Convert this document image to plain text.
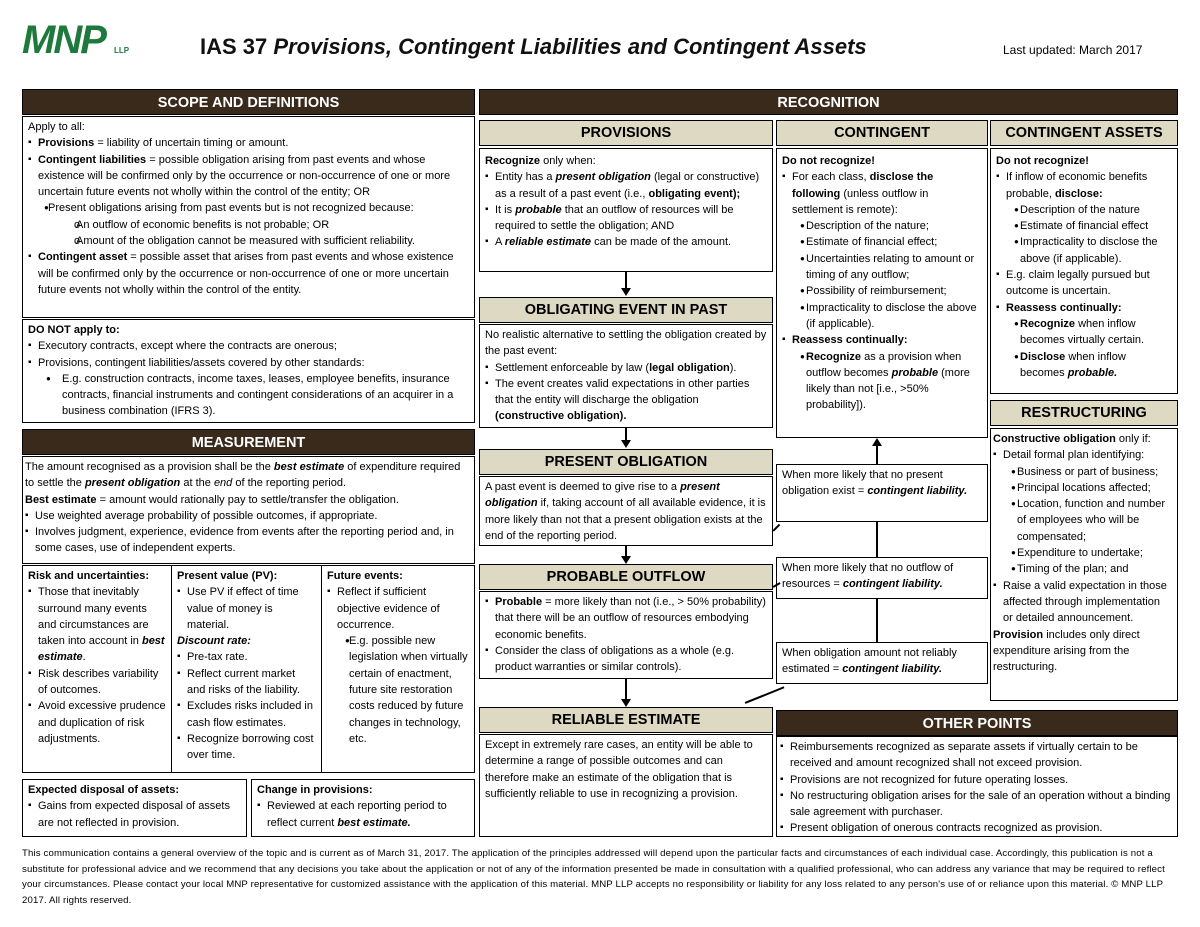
MNP LLP	IAS 37 Provisions, Contingent Liabilities and Contingent Assets	Last updated: March 2017
SCOPE AND DEFINITIONS
Apply to all:
▪ Provisions = liability of uncertain timing or amount.
▪ Contingent liabilities = possible obligation arising from past events and whose existence will be confirmed only by the occurrence or non-occurrence of one or more uncertain future events not wholly within the control of the entity; OR
● Present obligations arising from past events but is not recognized because:
o An outflow of economic benefits is not probable; OR
o Amount of the obligation cannot be measured with sufficient reliability.
▪ Contingent asset = possible asset that arises from past events and whose existence will be confirmed only by the occurrence or non-occurrence of one or more uncertain future events not wholly within the control of the entity.
DO NOT apply to:
▪ Executory contracts, except where the contracts are onerous;
▪ Provisions, contingent liabilities/assets covered by other standards:
● E.g. construction contracts, income taxes, leases, employee benefits, insurance contracts, financial instruments and contingent considerations of an acquirer in a business combination (IFRS 3).
MEASUREMENT
The amount recognised as a provision shall be the best estimate of expenditure required to settle the present obligation at the end of the reporting period.
Best estimate = amount would rationally pay to settle/transfer the obligation.
▪ Use weighted average probability of possible outcomes, if appropriate.
▪ Involves judgment, experience, evidence from events after the reporting period and, in some cases, use of independent experts.
Risk and uncertainties:
▪ Those that inevitably surround many events and circumstances are taken into account in best estimate.
▪ Risk describes variability of outcomes.
▪ Avoid excessive prudence and duplication of risk adjustments.
Present value (PV):
▪ Use PV if effect of time value of money is material.
Discount rate:
▪ Pre-tax rate.
▪ Reflect current market and risks of the liability.
▪ Excludes risks included in cash flow estimates.
▪ Recognize borrowing cost over time.
Future events:
▪ Reflect if sufficient objective evidence of occurrence.
● E.g. possible new legislation when virtually certain of enactment, future site restoration costs reduced by future changes in technology, etc.
Expected disposal of assets:
▪ Gains from expected disposal of assets are not reflected in provision.
Change in provisions:
▪ Reviewed at each reporting period to reflect current best estimate.
RECOGNITION
PROVISIONS
Recognize only when:
▪ Entity has a present obligation (legal or constructive) as a result of a past event (i.e., obligating event);
▪ It is probable that an outflow of resources will be required to settle the obligation; AND
▪ A reliable estimate can be made of the amount.
OBLIGATING EVENT IN PAST
No realistic alternative to settling the obligation created by the past event:
▪ Settlement enforceable by law (legal obligation).
▪ The event creates valid expectations in other parties that the entity will discharge the obligation (constructive obligation).
PRESENT OBLIGATION
A past event is deemed to give rise to a present obligation if, taking account of all available evidence, it is more likely than not that a present obligation exists at the end of the reporting period.
PROBABLE OUTFLOW
▪ Probable = more likely than not (i.e., > 50% probability) that there will be an outflow of resources embodying economic benefits.
▪ Consider the class of obligations as a whole (e.g. product warranties or similar controls).
RELIABLE ESTIMATE
Except in extremely rare cases, an entity will be able to determine a range of possible outcomes and can therefore make an estimate of the obligation that is sufficiently reliable to use in recognizing a provision.
CONTINGENT
Do not recognize!
▪ For each class, disclose the following (unless outflow in settlement is remote):
● Description of the nature;
● Estimate of financial effect;
● Uncertainties relating to amount or timing of any outflow;
● Possibility of reimbursement;
● Impracticality to disclose the above (if applicable).
▪ Reassess continually:
● Recognize as a provision when outflow becomes probable (more likely than not [i.e., >50% probability]).
When more likely that no present obligation exist = contingent liability.
When more likely that no outflow of resources = contingent liability.
When obligation amount not reliably estimated = contingent liability.
CONTINGENT ASSETS
Do not recognize!
▪ If inflow of economic benefits probable, disclose:
● Description of the nature
● Estimate of financial effect
● Impracticality to disclose the above (if applicable).
▪ E.g. claim legally pursued but outcome is uncertain.
▪ Reassess continually:
● Recognize when inflow becomes virtually certain.
● Disclose when inflow becomes probable.
RESTRUCTURING
Constructive obligation only if:
▪ Detail formal plan identifying:
● Business or part of business;
● Principal locations affected;
● Location, function and number of employees who will be compensated;
● Expenditure to undertake;
● Timing of the plan; and
▪ Raise a valid expectation in those affected through implementation or detailed announcement.
Provision includes only direct expenditure arising from the restructuring.
OTHER POINTS
▪ Reimbursements recognized as separate assets if virtually certain to be received and amount recognized shall not exceed provision.
▪ Provisions are not recognized for future operating losses.
▪ No restructuring obligation arises for the sale of an operation without a binding sale agreement with purchaser.
▪ Present obligation of onerous contracts recognized as provision.
This communication contains a general overview of the topic and is current as of March 31, 2017. The application of the principles addressed will depend upon the particular facts and circumstances of each individual case. Accordingly, this publication is not a substitute for professional advice and we recommend that any decisions you take about the application or not of any of the information presented be made in consultation with a qualified professional, who can address any variance that may be required to reflect your circumstances. Please contact your local MNP representative for customized assistance with the application of this material. MNP LLP accepts no responsibility or liability for any loss related to any person's use of or reliance upon this material. © MNP LLP 2017. All rights reserved.
